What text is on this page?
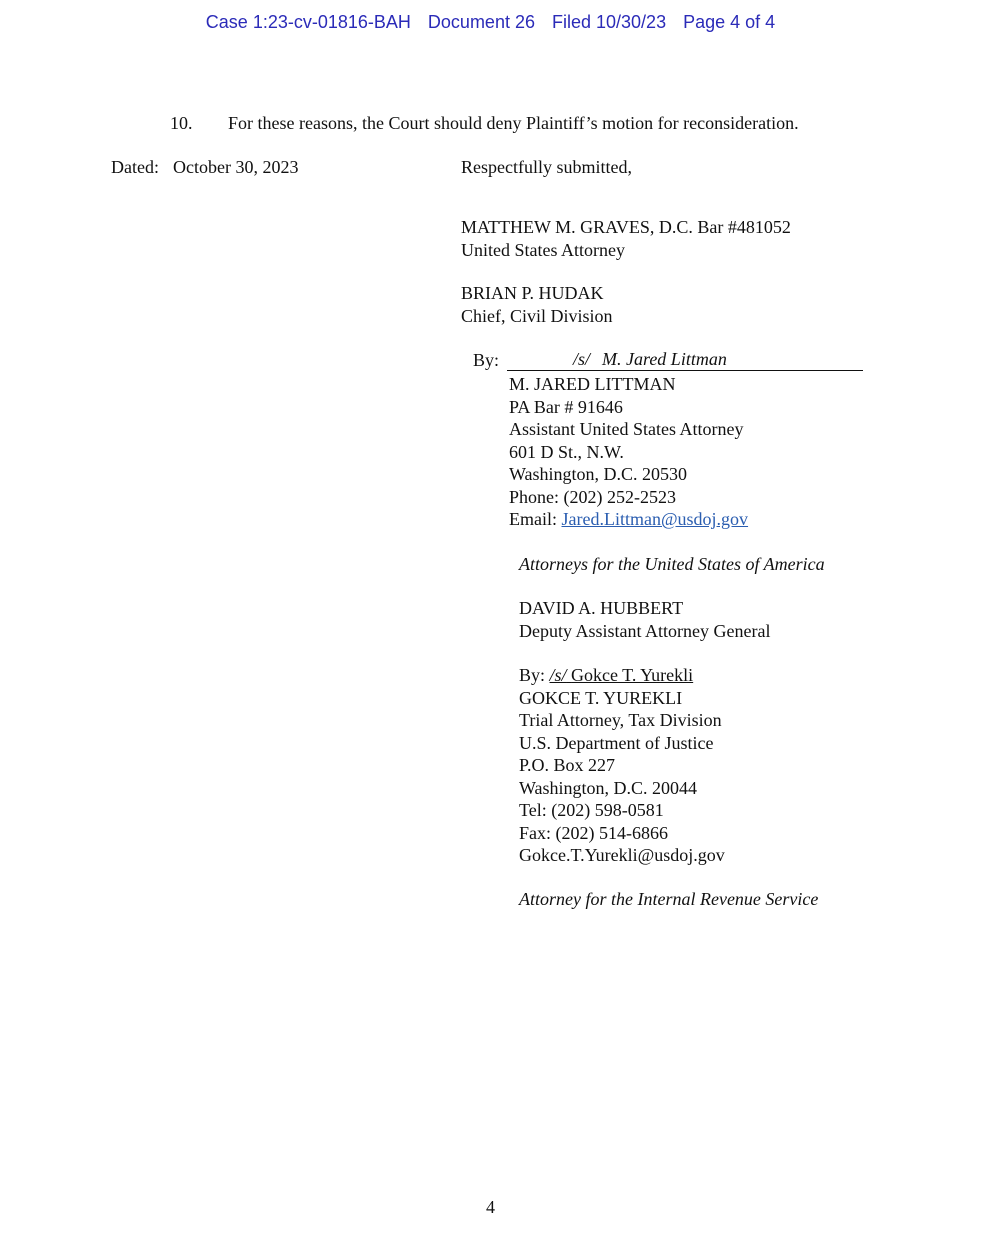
Case 1:23-cv-01816-BAH Document 26 Filed 10/30/23 Page 4 of 4
10. For these reasons, the Court should deny Plaintiff’s motion for reconsideration.
Dated: October 30, 2023	Respectfully submitted,
MATTHEW M. GRAVES, D.C. Bar #481052
United States Attorney
BRIAN P. HUDAK
Chief, Civil Division
By:	/s/ M. Jared Littman
M. JARED LITTMAN
PA Bar # 91646
Assistant United States Attorney
601 D St., N.W.
Washington, D.C. 20530
Phone: (202) 252-2523
Email: Jared.Littman@usdoj.gov
Attorneys for the United States of America
DAVID A. HUBBERT
Deputy Assistant Attorney General
By: /s/ Gokce T. Yurekli
GOKCE T. YUREKLI
Trial Attorney, Tax Division
U.S. Department of Justice
P.O. Box 227
Washington, D.C. 20044
Tel: (202) 598-0581
Fax: (202) 514-6866
Gokce.T.Yurekli@usdoj.gov
Attorney for the Internal Revenue Service
4
